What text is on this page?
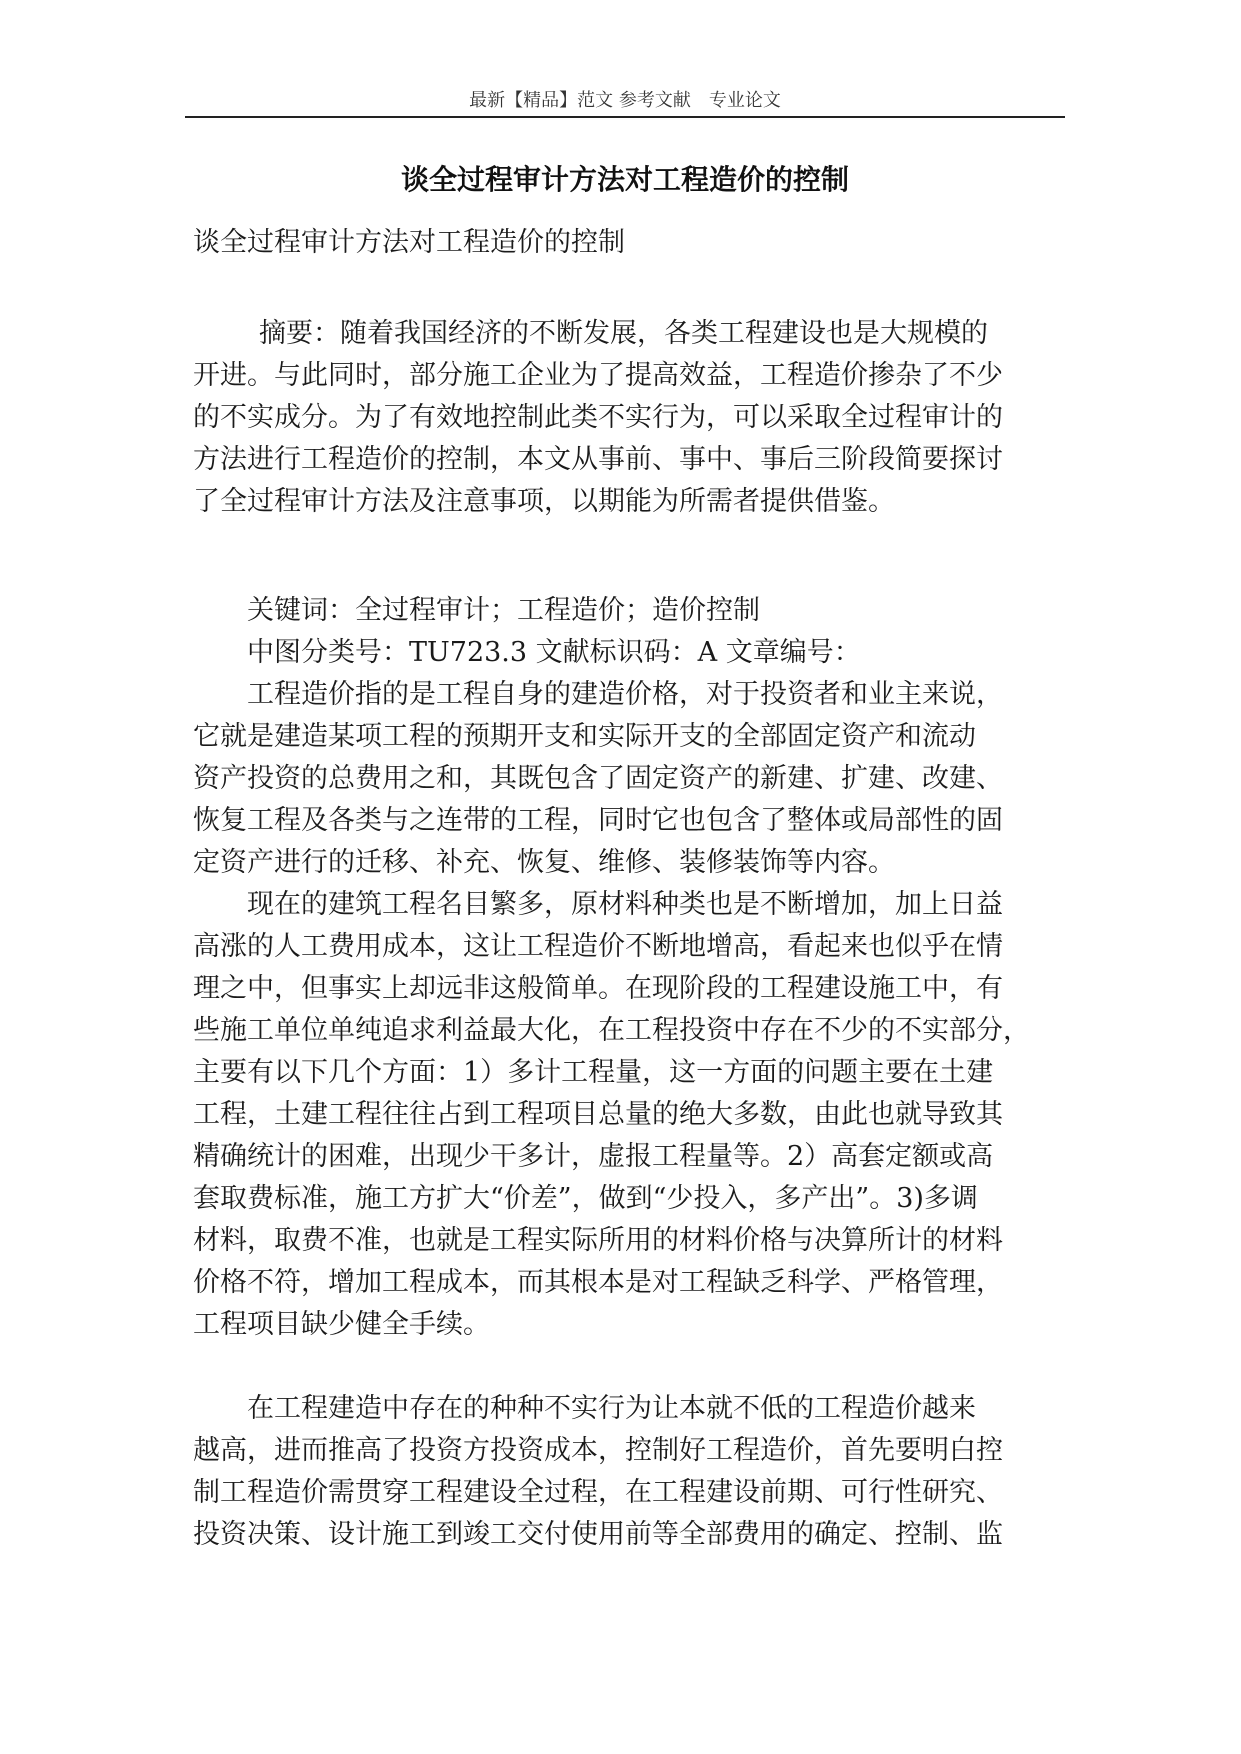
最新【精品】范文 参考文献　专业论文
谈全过程审计方法对工程造价的控制
谈全过程审计方法对工程造价的控制
摘要：随着我国经济的不断发展，各类工程建设也是大规模的
开进。与此同时，部分施工企业为了提高效益，工程造价掺杂了不少
的不实成分。为了有效地控制此类不实行为，可以采取全过程审计的
方法进行工程造价的控制，本文从事前、事中、事后三阶段简要探讨
了全过程审计方法及注意事项，以期能为所需者提供借鉴。
关键词：全过程审计；工程造价；造价控制
中图分类号：TU723.3 文献标识码：A 文章编号：
工程造价指的是工程自身的建造价格，对于投资者和业主来说，
它就是建造某项工程的预期开支和实际开支的全部固定资产和流动
资产投资的总费用之和，其既包含了固定资产的新建、扩建、改建、
恢复工程及各类与之连带的工程，同时它也包含了整体或局部性的固
定资产进行的迁移、补充、恢复、维修、装修装饰等内容。
现在的建筑工程名目繁多，原材料种类也是不断增加，加上日益
高涨的人工费用成本，这让工程造价不断地增高，看起来也似乎在情
理之中，但事实上却远非这般简单。在现阶段的工程建设施工中，有
些施工单位单纯追求利益最大化，在工程投资中存在不少的不实部分，
主要有以下几个方面：1）多计工程量，这一方面的问题主要在土建
工程，土建工程往往占到工程项目总量的绝大多数，由此也就导致其
精确统计的困难，出现少干多计，虚报工程量等。2）高套定额或高
套取费标准，施工方扩大“价差”，做到“少投入，多产出”。3)多调
材料，取费不准，也就是工程实际所用的材料价格与决算所计的材料
价格不符，增加工程成本，而其根本是对工程缺乏科学、严格管理，
工程项目缺少健全手续。
在工程建造中存在的种种不实行为让本就不低的工程造价越来
越高，进而推高了投资方投资成本，控制好工程造价，首先要明白控
制工程造价需贯穿工程建设全过程，在工程建设前期、可行性研究、
投资决策、设计施工到竣工交付使用前等全部费用的确定、控制、监
